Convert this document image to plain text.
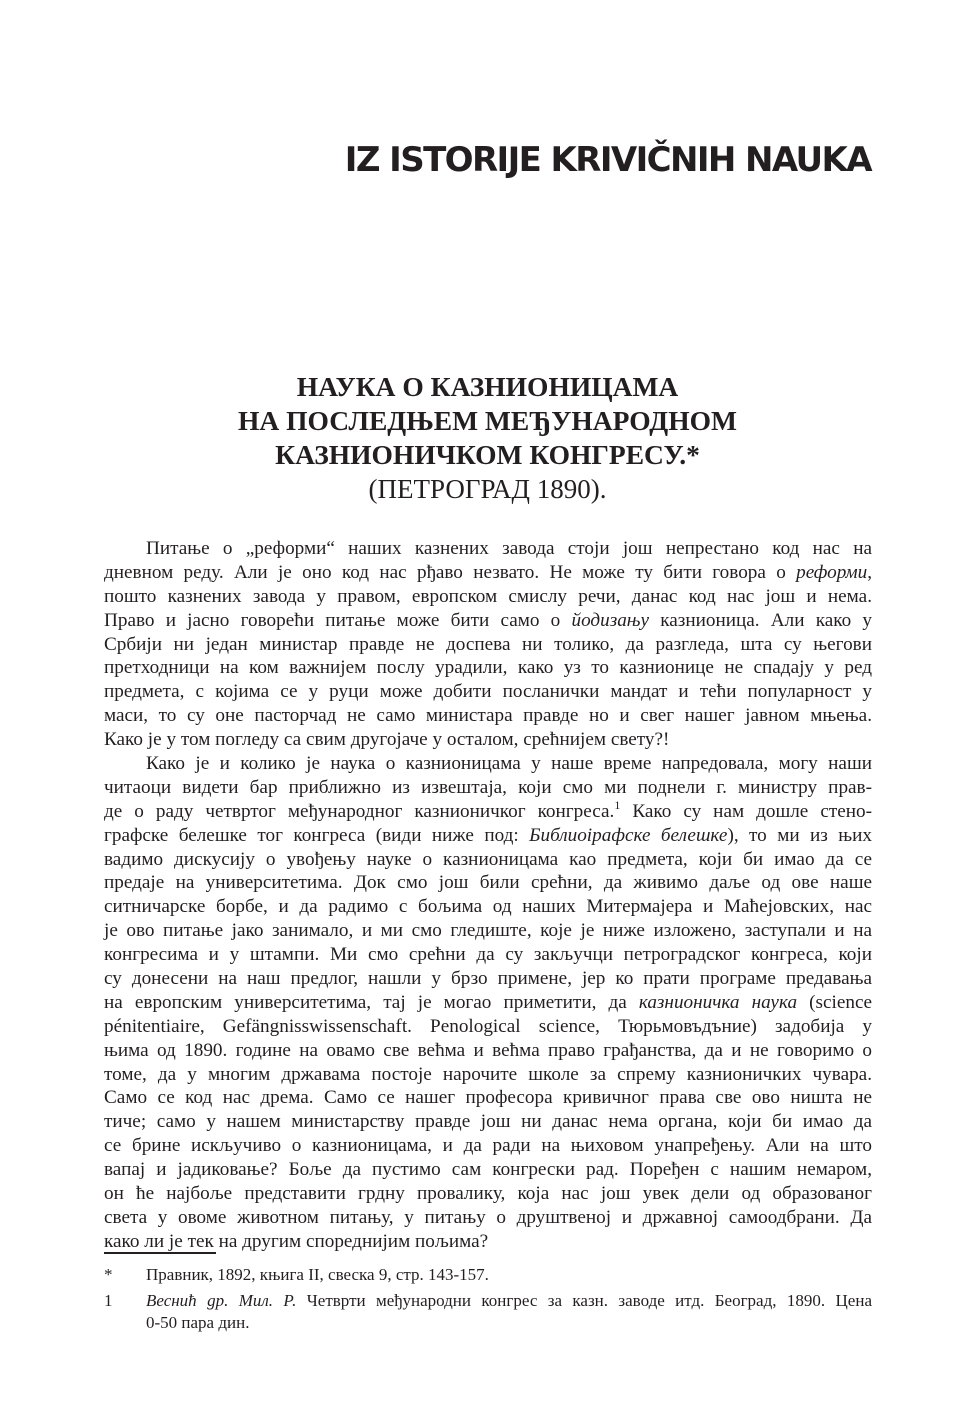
IZ ISTORIJE KRIVIČNIH NAUKA
НАУКА О КАЗНИОНИЦАМА
НА ПОСЛЕДЊЕМ МЕЂУНАРОДНОМ
КАЗНИОНИЧКОМ КОНГРЕСУ.*
(ПЕТРОГРАД 1890).
Питање о „реформи“ наших казнених завода стоји још непрестано код нас на
дневном реду. Али је оно код нас рђаво незвато. Не може ту бити говора о реформи,
пошто казнених завода у правом, европском смислу речи, данас код нас још и нема.
Право и јасно говорећи питање може бити само о йодизању казнионица. Али како у
Србији ни један министар правде не доспева ни толико, да разгледа, шта су његови
претходници на ком важнијем послу урадили, како уз то казнионице не спадају у ред
предмета, с којима се у руци може добити посланички мандат и тећи популарност у
маси, то су оне пасторчад не само министара правде но и свег нашег јавном мњења.
Како је у том погледу са свим другојаче у осталом, срећнијем свету?!
Како је и колико је наука о казнионицама у наше време напредовала, могу наши
читаоци видети бар приближно из извештаја, који смо ми поднели г. министру прав-
де о раду четвртог међународног казнионичког конгреса.$^1$ Како су нам дошле стено-
графске белешке тог конгреса (види ниже под: Библиоірафске белешке), то ми из њих
вадимо дискусију о увођењу науке о казнионицама као предмета, који би имао да се
предаје на университетима. Док смо још били срећни, да живимо даље од ове наше
ситничарске борбе, и да радимо с бољима од наших Митермајера и Маћејовских, нас
је ово питање јако занимало, и ми смо гледиште, које је ниже изложено, заступали и на
конгресима и у штампи. Ми смо срећни да су закључци петроградског конгреса, који
су донесени на наш предлог, нашли у брзо примене, јер ко прати програме предавања
на европским университетима, тај је могао приметити, да казнионичка наука (science
pénitentiaire, Gefängnisswissenschaft. Penological science, Тюрьмовъдъние) задобија у
њима од 1890. године на овамо све већма и већма право грађанства, да и не говоримо о
томе, да у многим државама постоје нарочите школе за спрему казнионичких чувара.
Само се код нас дрема. Само се нашег професора кривичног права све ово ништа не
тиче; само у нашем министарству правде још ни данас нема органа, који би имао да
се брине искључиво о казнионицама, и да ради на њиховом унапређењу. Али на што
вапај и јадиковање? Боље да пустимо сам конгрески рад. Поређен с нашим немаром,
он ће најбоље представити грдну провалику, која нас још увек дели од образованог
света у овоме животном питању, у питању о друштвеној и државној самоодбрани. Да
како ли је тек на другим споредниjим пољима?
* Правник, 1892, књига II, свеска 9, стр. 143-157.
1 Веснић gр. Мил. Р. Четврти међународни конгрес за казн. заводе итд. Београд, 1890. Цена
0-50 пара дин.
